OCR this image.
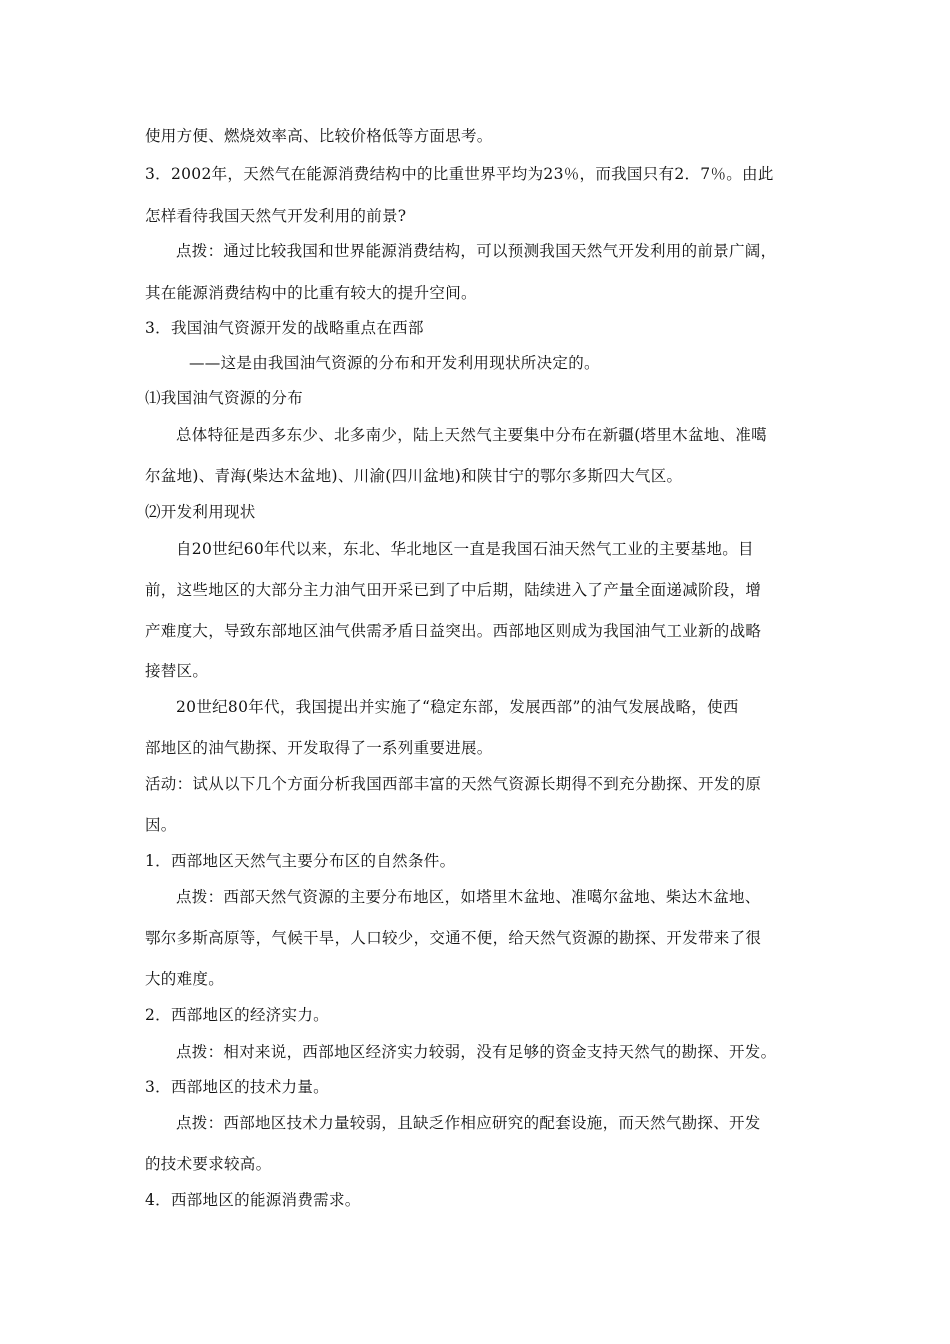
使用方便、燃烧效率高、比较价格低等方面思考。
3．2002年，天然气在能源消费结构中的比重世界平均为23％，而我国只有2．7％。由此
怎样看待我国天然气开发利用的前景?
点拨：通过比较我国和世界能源消费结构，可以预测我国天然气开发利用的前景广阔，
其在能源消费结构中的比重有较大的提升空间。
3．我国油气资源开发的战略重点在西部
——这是由我国油气资源的分布和开发利用现状所决定的。
⑴我国油气资源的分布
总体特征是西多东少、北多南少，陆上天然气主要集中分布在新疆(塔里木盆地、准噶
尔盆地)、青海(柴达木盆地)、川渝(四川盆地)和陕甘宁的鄂尔多斯四大气区。
⑵开发利用现状
自20世纪60年代以来，东北、华北地区一直是我国石油天然气工业的主要基地。目
前，这些地区的大部分主力油气田开采已到了中后期，陆续进入了产量全面递减阶段，增
产难度大，导致东部地区油气供需矛盾日益突出。西部地区则成为我国油气工业新的战略
接替区。
20世纪80年代，我国提出并实施了“稳定东部，发展西部”的油气发展战略，使西
部地区的油气勘探、开发取得了一系列重要进展。
活动：试从以下几个方面分析我国西部丰富的天然气资源长期得不到充分勘探、开发的原
因。
1．西部地区天然气主要分布区的自然条件。
点拨：西部天然气资源的主要分布地区，如塔里木盆地、准噶尔盆地、柴达木盆地、
鄂尔多斯高原等，气候干旱，人口较少，交通不便，给天然气资源的勘探、开发带来了很
大的难度。
2．西部地区的经济实力。
点拨：相对来说，西部地区经济实力较弱，没有足够的资金支持天然气的勘探、开发。
3．西部地区的技术力量。
点拨：西部地区技术力量较弱，且缺乏作相应研究的配套设施，而天然气勘探、开发
的技术要求较高。
4．西部地区的能源消费需求。
